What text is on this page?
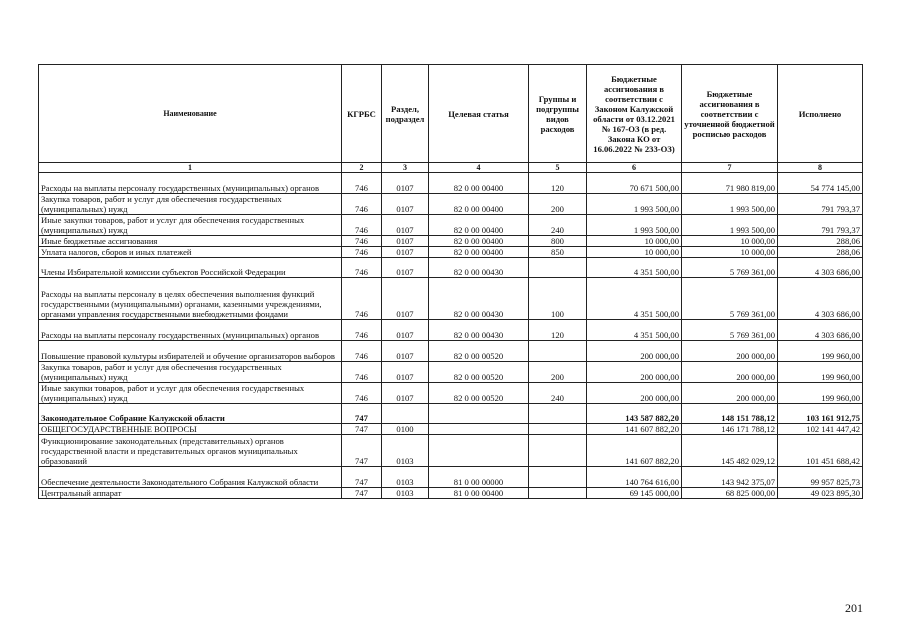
Наименование	КГРБС	Раздел, подраздел	Целевая статья	Группы и подгруппы видов расходов	Бюджетные ассигнования в соответствии с Законом Калужской области от 03.12.2021 № 167-ОЗ (в ред. Закона КО от 16.06.2022 № 233-ОЗ)	Бюджетные ассигнования в соответствии с уточненной бюджетной росписью расходов	Исполнено
1	2	3	4	5	6	7	8
Расходы на выплаты персоналу государственных (муниципальных) органов	746	0107	82 0 00 00400	120	70 671 500,00	71 980 819,00	54 774 145,00
Закупка товаров, работ и услуг для обеспечения государственных (муниципальных) нужд	746	0107	82 0 00 00400	200	1 993 500,00	1 993 500,00	791 793,37
Иные закупки товаров, работ и услуг для обеспечения государственных (муниципальных) нужд	746	0107	82 0 00 00400	240	1 993 500,00	1 993 500,00	791 793,37
Иные бюджетные ассигнования	746	0107	82 0 00 00400	800	10 000,00	10 000,00	288,06
Уплата налогов, сборов и иных платежей	746	0107	82 0 00 00400	850	10 000,00	10 000,00	288,06
Члены Избирательной комиссии субъектов Российской Федерации	746	0107	82 0 00 00430		4 351 500,00	5 769 361,00	4 303 686,00
Расходы на выплаты персоналу в целях обеспечения выполнения функций государственными (муниципальными) органами, казенными учреждениями, органами управления государственными внебюджетными фондами	746	0107	82 0 00 00430	100	4 351 500,00	5 769 361,00	4 303 686,00
Расходы на выплаты персоналу государственных (муниципальных) органов	746	0107	82 0 00 00430	120	4 351 500,00	5 769 361,00	4 303 686,00
Повышение правовой культуры избирателей и обучение организаторов выборов	746	0107	82 0 00 00520		200 000,00	200 000,00	199 960,00
Закупка товаров, работ и услуг для обеспечения государственных (муниципальных) нужд	746	0107	82 0 00 00520	200	200 000,00	200 000,00	199 960,00
Иные закупки товаров, работ и услуг для обеспечения государственных (муниципальных) нужд	746	0107	82 0 00 00520	240	200 000,00	200 000,00	199 960,00
Законодательное Собрание Калужской области	747				143 587 882,20	148 151 788,12	103 161 912,75
ОБЩЕГОСУДАРСТВЕННЫЕ ВОПРОСЫ	747	0100			141 607 882,20	146 171 788,12	102 141 447,42
Функционирование законодательных (представительных) органов государственной власти и представительных органов муниципальных образований	747	0103			141 607 882,20	145 482 029,12	101 451 688,42
Обеспечение деятельности Законодательного Собрания Калужской области	747	0103	81 0 00 00000		140 764 616,00	143 942 375,07	99 957 825,73
Центральный аппарат	747	0103	81 0 00 00400		69 145 000,00	68 825 000,00	49 023 895,30
201
